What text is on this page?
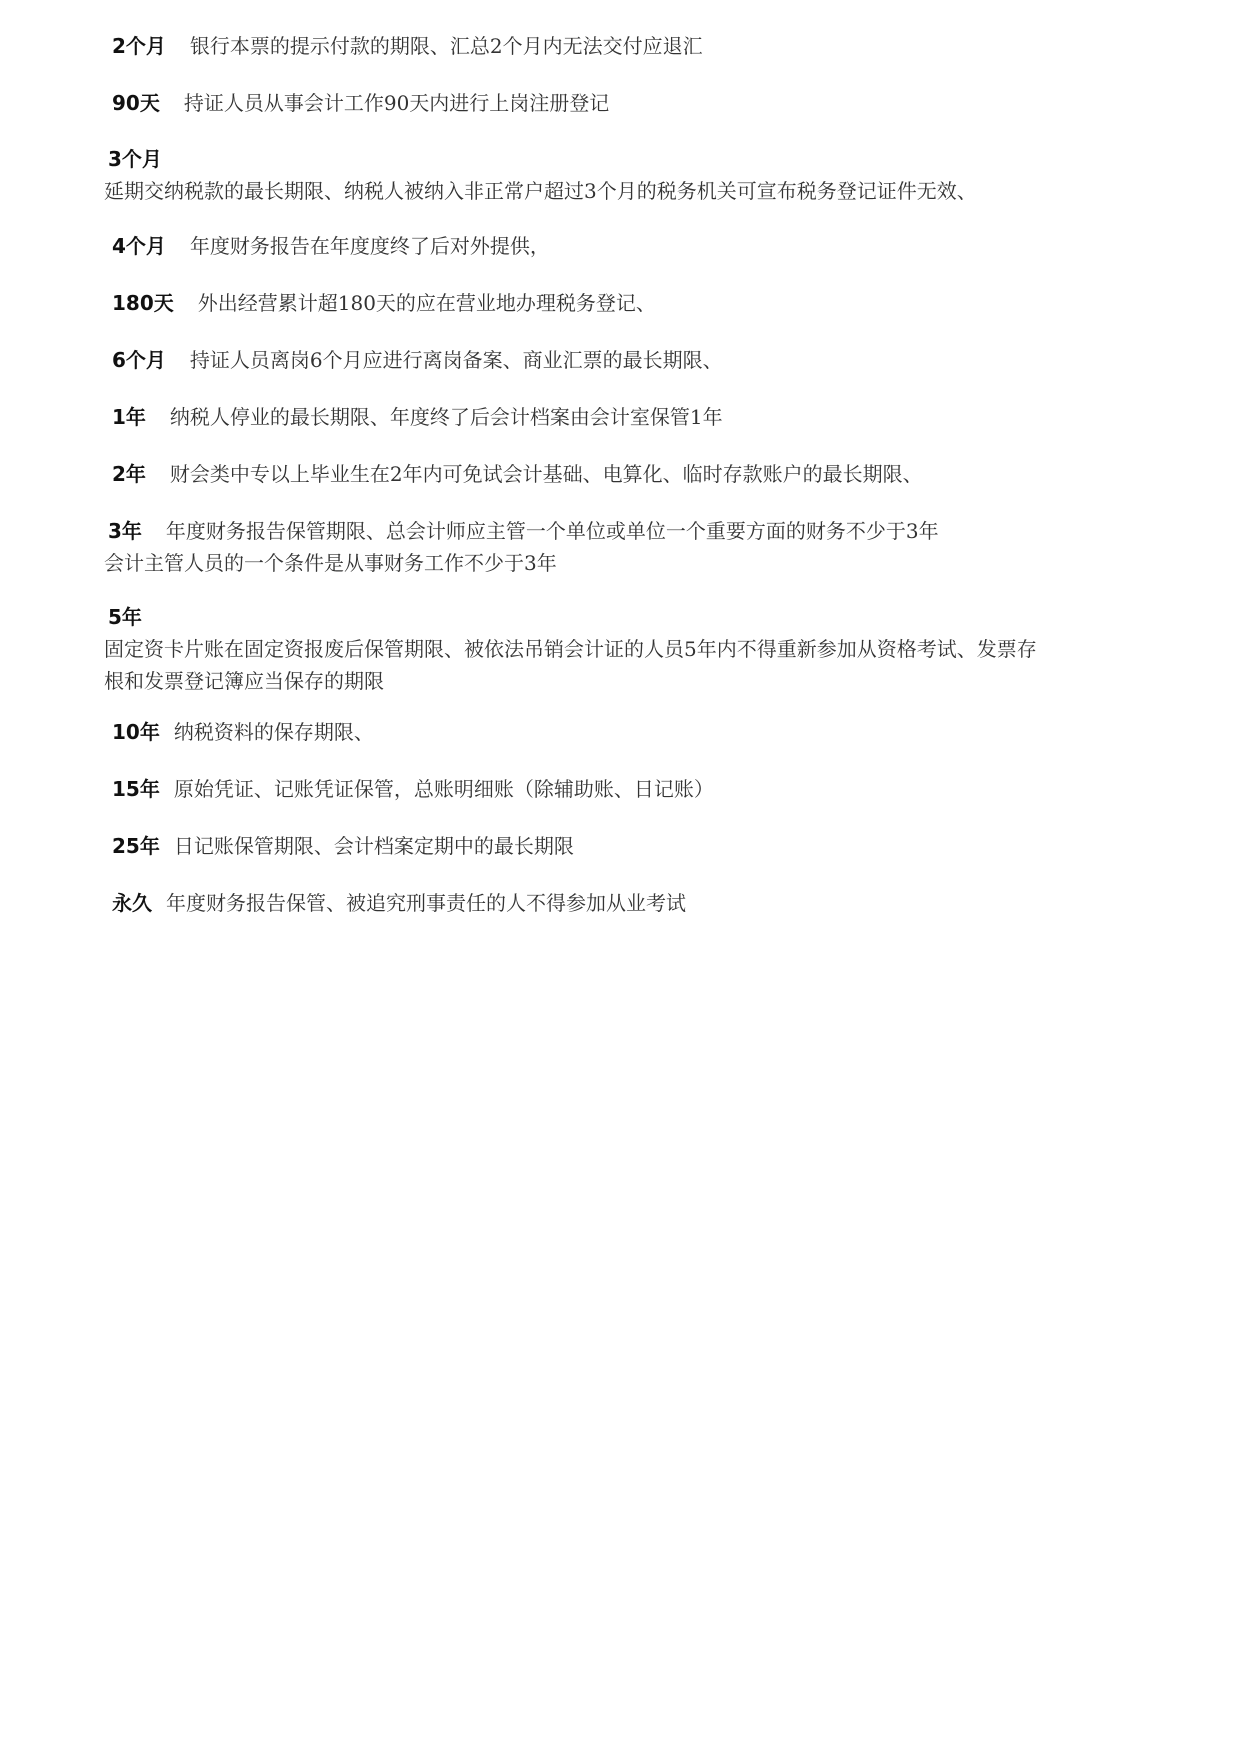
2个月 银行本票的提示付款的期限、汇总2个月内无法交付应退汇
90天 持证人员从事会计工作90天内进行上岗注册登记
3个月
延期交纳税款的最长期限、纳税人被纳入非正常户超过3个月的税务机关可宣布税务登记证件无效、
4个月 年度财务报告在年度度终了后对外提供，
180天 外出经营累计超180天的应在营业地办理税务登记、
6个月 持证人员离岗6个月应进行离岗备案、商业汇票的最长期限、
1年 纳税人停业的最长期限、年度终了后会计档案由会计室保管1年
2年 财会类中专以上毕业生在2年内可免试会计基础、电算化、临时存款账户的最长期限、
3年 年度财务报告保管期限、总会计师应主管一个单位或单位一个重要方面的财务不少于3年
会计主管人员的一个条件是从事财务工作不少于3年
5年
固定资卡片账在固定资报废后保管期限、被依法吊销会计证的人员5年内不得重新参加从资格考试、发票存
根和发票登记簿应当保存的期限
10年 纳税资料的保存期限、
15年 原始凭证、记账凭证保管，总账明细账（除辅助账、日记账）
25年 日记账保管期限、会计档案定期中的最长期限
永久 年度财务报告保管、被追究刑事责任的人不得参加从业考试
